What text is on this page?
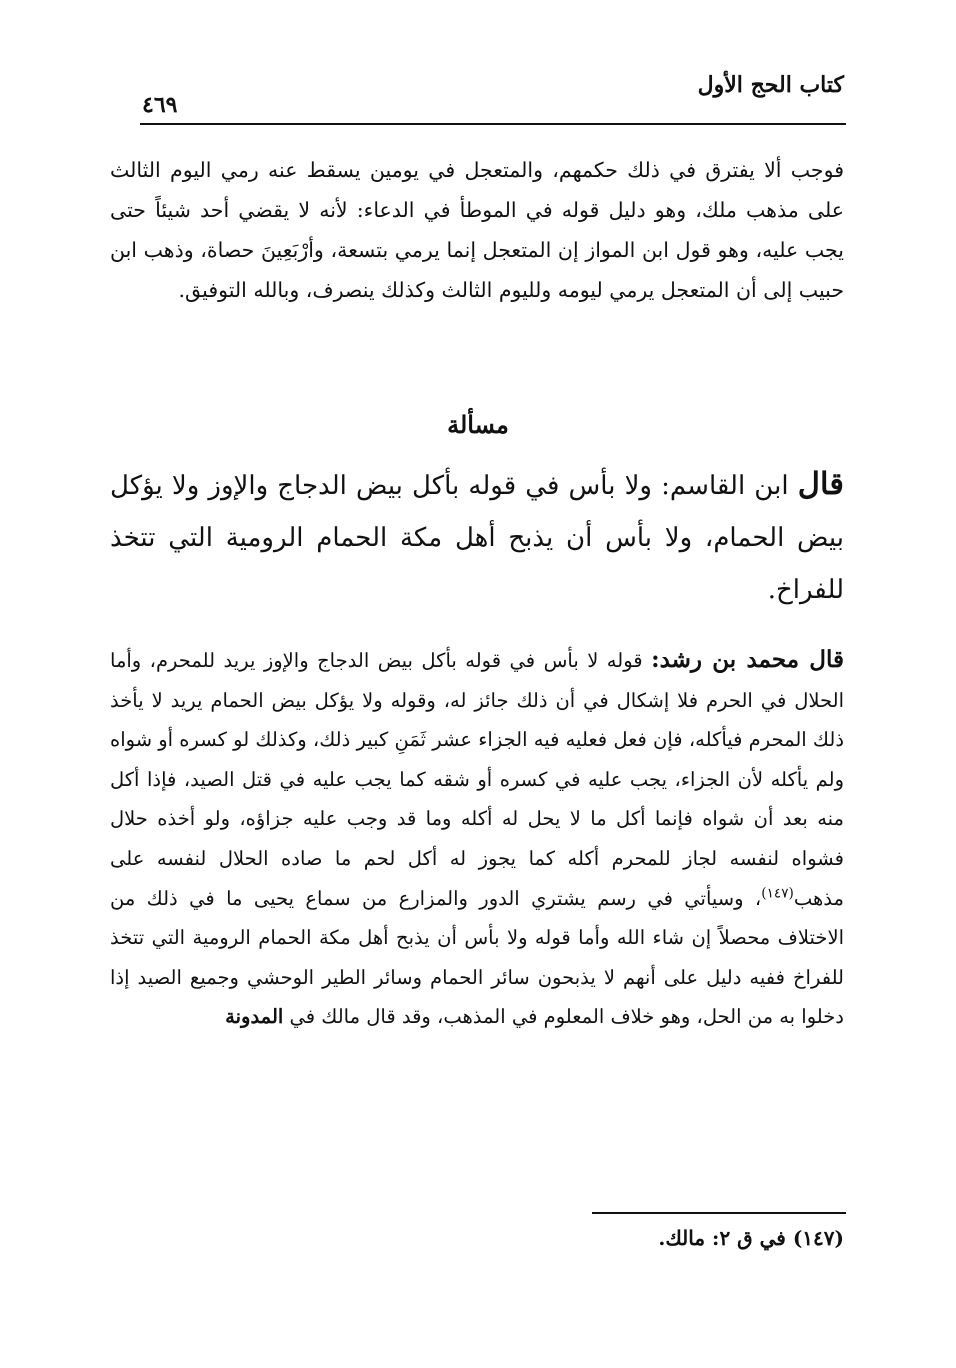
كتاب الحج الأول
٤٦٩

فوجب ألا يفترق في ذلك حكمهم، والمتعجل في يومين يسقط عنه رمي اليوم الثالث على مذهب ملك، وهو دليل قوله في الموطأ في الدعاء: لأنه لا يقضي أحد شيئاً حتى يجب عليه، وهو قول ابن المواز إن المتعجل إنما يرمي بتسعة، وأرْبَعِينَ حصاة، وذهب ابن حبيب إلى أن المتعجل يرمي ليومه ولليوم الثالث وكذلك ينصرف، وبالله التوفيق.

مسألة

قال ابن القاسم: ولا بأس في قوله بأكل بيض الدجاج والإوز ولا يؤكل بيض الحمام، ولا بأس أن يذبح أهل مكة الحمام الرومية التي تتخذ للفراخ.

قال محمد بن رشد: قوله لا بأس في قوله بأكل بيض الدجاج والإوز يريد للمحرم، وأما الحلال في الحرم فلا إشكال في أن ذلك جائز له، وقوله ولا يؤكل بيض الحمام يريد لا يأخذ ذلك المحرم فيأكله، فإن فعل فعليه فيه الجزاء عشر ثَمَنِ كبير ذلك، وكذلك لو كسره أو شواه ولم يأكله لأن الجزاء، يجب عليه في كسره أو شقه كما يجب عليه في قتل الصيد، فإذا أكل منه بعد أن شواه فإنما أكل ما لا يحل له أكله وما قد وجب عليه جزاؤه، ولو أخذه حلال فشواه لنفسه لجاز للمحرم أكله كما يجوز له أكل لحم ما صاده الحلال لنفسه على مذهب$^{(١٤٧)}$، وسيأتي في رسم يشتري الدور والمزارع من سماع يحيى ما في ذلك من الاختلاف محصلاً إن شاء الله وأما قوله ولا بأس أن يذبح أهل مكة الحمام الرومية التي تتخذ للفراخ ففيه دليل على أنهم لا يذبحون سائر الحمام وسائر الطير الوحشي وجميع الصيد إذا دخلوا به من الحل، وهو خلاف المعلوم في المذهب، وقد قال مالك في المدونة

(١٤٧) في ق ٢: مالك.
